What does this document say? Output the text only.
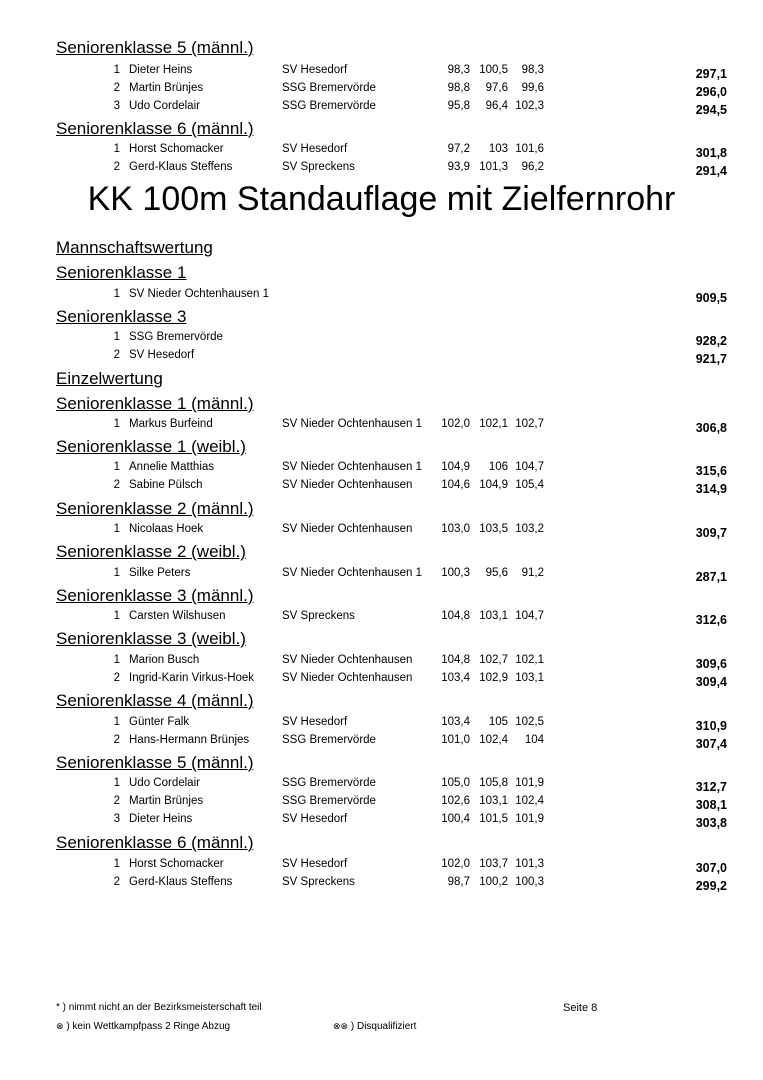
Seniorenklasse 5 (männl.)
1 Dieter Heins	SV Hesedorf	98,3 100,5	98,3	297,1
2 Martin Brünjes	SSG Bremervörde	98,8	97,6	99,6	296,0
3 Udo Cordelair	SSG Bremervörde	95,8	96,4 102,3	294,5
Seniorenklasse 6 (männl.)
1 Horst Schomacker	SV Hesedorf	97,2	103 101,6	301,8
2 Gerd-Klaus Steffens	SV Spreckens	93,9 101,3	96,2	291,4
KK 100m Standauflage mit Zielfernrohr
Mannschaftswertung
Seniorenklasse 1
1 SV Nieder Ochtenhausen 1	909,5
Seniorenklasse 3
1 SSG Bremervörde	928,2
2 SV Hesedorf	921,7
Einzelwertung
Seniorenklasse 1 (männl.)
1 Markus Burfeind	SV Nieder Ochtenhausen 1	102,0 102,1 102,7	306,8
Seniorenklasse 1 (weibl.)
1 Annelie Matthias	SV Nieder Ochtenhausen 1	104,9	106 104,7	315,6
2 Sabine Pülsch	SV Nieder Ochtenhausen	104,6 104,9 105,4	314,9
Seniorenklasse 2 (männl.)
1 Nicolaas Hoek	SV Nieder Ochtenhausen	103,0 103,5 103,2	309,7
Seniorenklasse 2 (weibl.)
1 Silke Peters	SV Nieder Ochtenhausen 1	100,3	95,6	91,2	287,1
Seniorenklasse 3 (männl.)
1 Carsten Wilshusen	SV Spreckens	104,8 103,1 104,7	312,6
Seniorenklasse 3 (weibl.)
1 Marion Busch	SV Nieder Ochtenhausen	104,8 102,7 102,1	309,6
2 Ingrid-Karin Virkus-Hoek SV Nieder Ochtenhausen	103,4 102,9 103,1	309,4
Seniorenklasse 4 (männl.)
1 Günter Falk	SV Hesedorf	103,4	105 102,5	310,9
2 Hans-Hermann Brünjes	SSG Bremervörde	101,0 102,4	104	307,4
Seniorenklasse 5 (männl.)
1 Udo Cordelair	SSG Bremervörde	105,0 105,8 101,9	312,7
2 Martin Brünjes	SSG Bremervörde	102,6 103,1 102,4	308,1
3 Dieter Heins	SV Hesedorf	100,4 101,5 101,9	303,8
Seniorenklasse 6 (männl.)
1 Horst Schomacker	SV Hesedorf	102,0 103,7 101,3	307,0
2 Gerd-Klaus Steffens	SV Spreckens	98,7 100,2 100,3	299,2
* ) nimmt nicht an der Bezirksmeisterschaft teil	Seite 8
⊗ ) kein Wettkampfpass 2 Ringe Abzug	⊗⊗ ) Disqualifiziert
